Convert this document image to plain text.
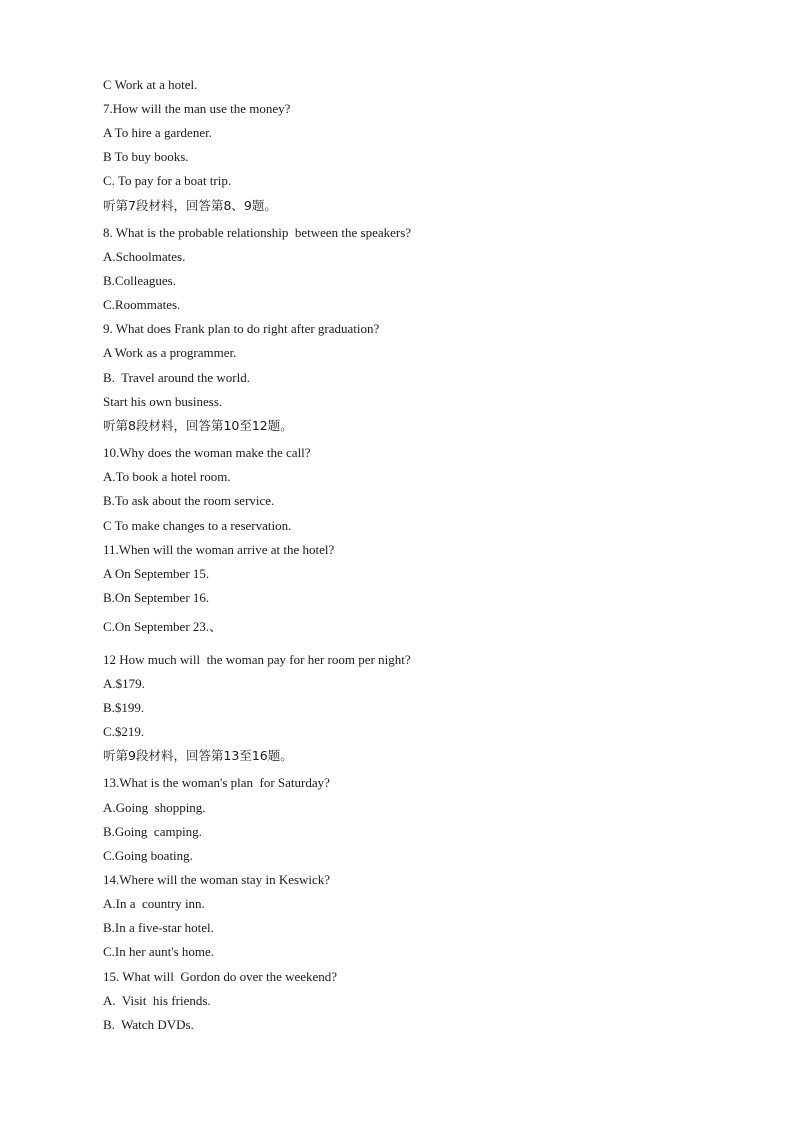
C Work at a hotel.
7.How will the man use the money?
A To hire a gardener.
B To buy books.
C. To pay for a boat trip.
听第7段材料，回答第8、9题。
8. What is the probable relationship  between the speakers?
A.Schoolmates.
B.Colleagues.
C.Roommates.
9. What does Frank plan to do right after graduation?
A Work as a programmer.
B.  Travel around the world.
Start his own business.
听第8段材料，回答第10至12题。
10.Why does the woman make the call?
A.To book a hotel room.
B.To ask about the room service.
C To make changes to a reservation.
11.When will the woman arrive at the hotel?
A On September 15.
B.On September 16.
C.On September 23.、
12 How much will  the woman pay for her room per night?
A.$179.
B.$199.
C.$219.
听第9段材料，回答第13至16题。
13.What is the woman's plan  for Saturday?
A.Going  shopping.
B.Going  camping.
C.Going boating.
14.Where will the woman stay in Keswick?
A.In a  country inn.
B.In a five-star hotel.
C.In her aunt's home.
15. What will  Gordon do over the weekend?
A.  Visit  his friends.
B.  Watch DVDs.
